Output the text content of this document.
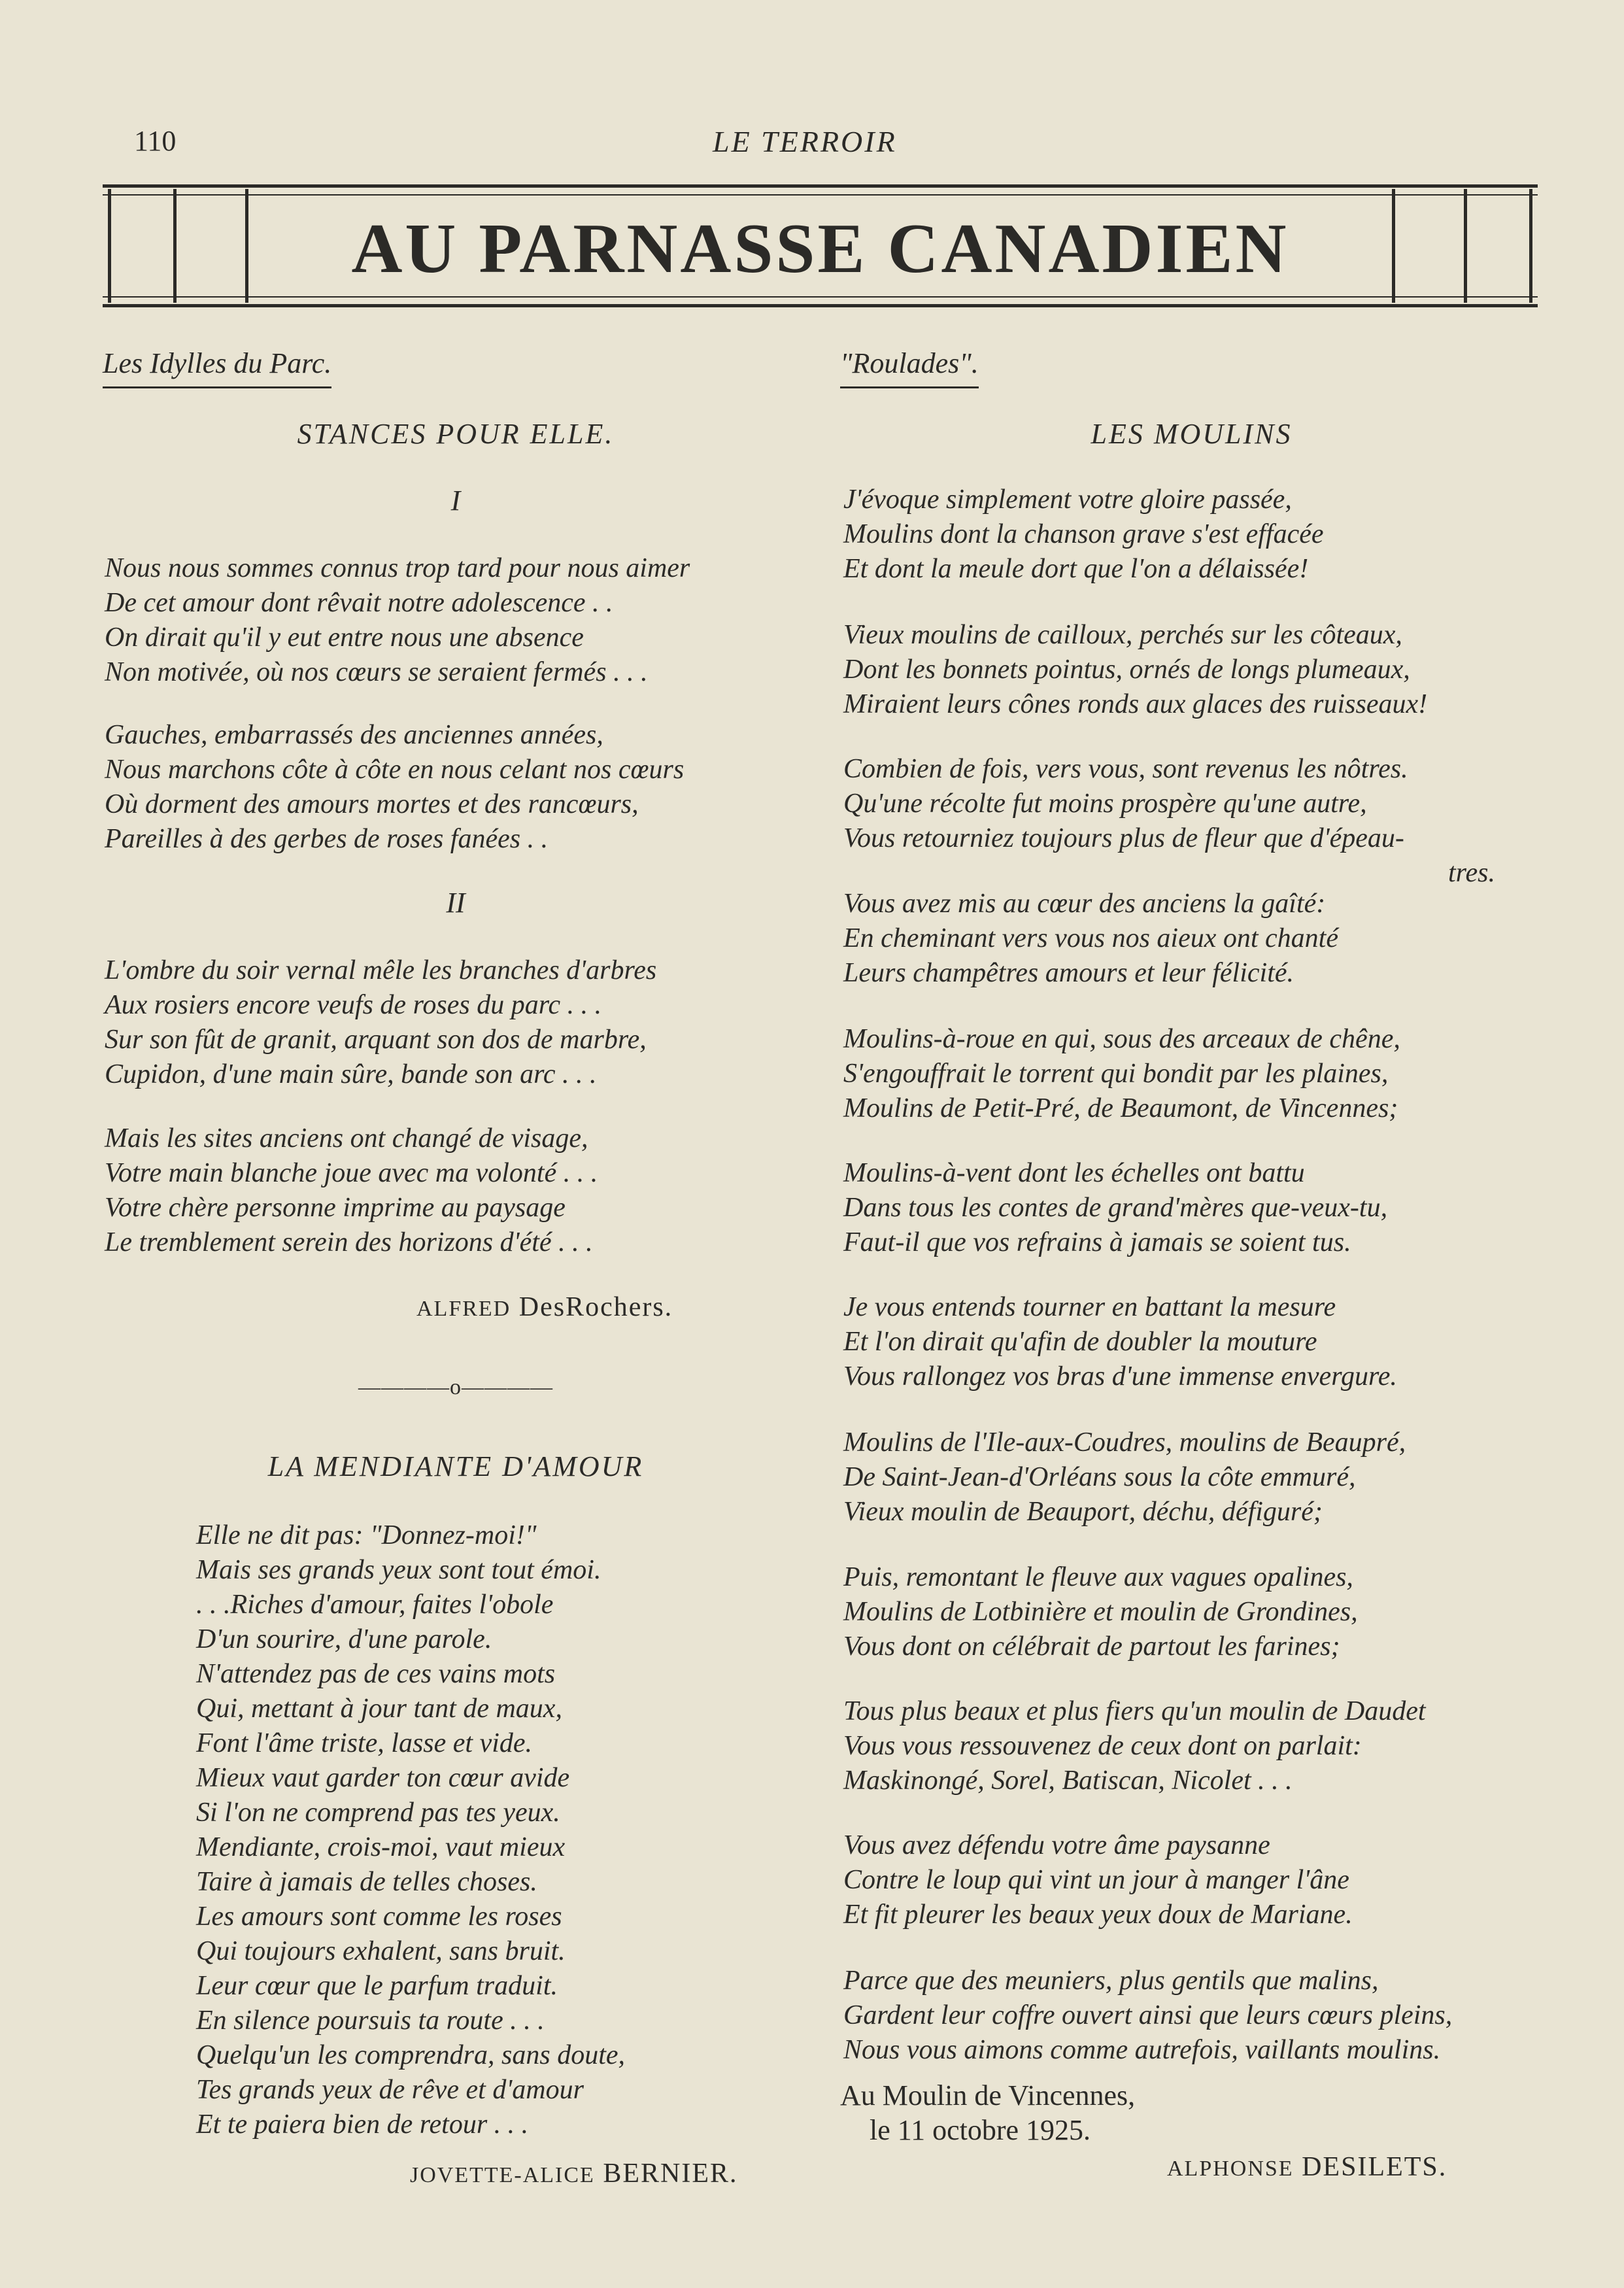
110	LE TERROIR
AU PARNASSE CANADIEN
Les Idylles du Parc.
STANCES POUR ELLE.
I
Nous nous sommes connus trop tard pour nous aimer
De cet amour dont rêvait notre adolescence . .
On dirait qu'il y eut entre nous une absence
Non motivée, où nos cœurs se seraient fermés . . .
Gauches, embarrassés des anciennes années,
Nous marchons côte à côte en nous celant nos cœurs
Où dorment des amours mortes et des rancœurs,
Pareilles à des gerbes de roses fanées . .
II
L'ombre du soir vernal mêle les branches d'arbres
Aux rosiers encore veufs de roses du parc . . .
Sur son fût de granit, arquant son dos de marbre,
Cupidon, d'une main sûre, bande son arc . . .
Mais les sites anciens ont changé de visage,
Votre main blanche joue avec ma volonté . . .
Votre chère personne imprime au paysage
Le tremblement serein des horizons d'été . . .
ALFRED DesRochers.
————o————
LA MENDIANTE D'AMOUR
Elle ne dit pas: "Donnez-moi!"
Mais ses grands yeux sont tout émoi.
. . .Riches d'amour, faites l'obole
D'un sourire, d'une parole.
N'attendez pas de ces vains mots
Qui, mettant à jour tant de maux,
Font l'âme triste, lasse et vide.
Mieux vaut garder ton cœur avide
Si l'on ne comprend pas tes yeux.
Mendiante, crois-moi, vaut mieux
Taire à jamais de telles choses.
Les amours sont comme les roses
Qui toujours exhalent, sans bruit.
Leur cœur que le parfum traduit.
En silence poursuis ta route . . .
Quelqu'un les comprendra, sans doute,
Tes grands yeux de rêve et d'amour
Et te paiera bien de retour . . .
JOVETTE-ALICE BERNIER.
"Roulades".
LES MOULINS
J'évoque simplement votre gloire passée,
Moulins dont la chanson grave s'est effacée
Et dont la meule dort que l'on a délaissée!
Vieux moulins de cailloux, perchés sur les côteaux,
Dont les bonnets pointus, ornés de longs plumeaux,
Miraient leurs cônes ronds aux glaces des ruisseaux!
Combien de fois, vers vous, sont revenus les nôtres.
Qu'une récolte fut moins prospère qu'une autre,
Vous retourniez toujours plus de fleur que d'épeau-
tres.
Vous avez mis au cœur des anciens la gaîté:
En cheminant vers vous nos aieux ont chanté
Leurs champêtres amours et leur félicité.
Moulins-à-roue en qui, sous des arceaux de chêne,
S'engouffrait le torrent qui bondit par les plaines,
Moulins de Petit-Pré, de Beaumont, de Vincennes;
Moulins-à-vent dont les échelles ont battu
Dans tous les contes de grand'mères que-veux-tu,
Faut-il que vos refrains à jamais se soient tus.
Je vous entends tourner en battant la mesure
Et l'on dirait qu'afin de doubler la mouture
Vous rallongez vos bras d'une immense envergure.
Moulins de l'Ile-aux-Coudres, moulins de Beaupré,
De Saint-Jean-d'Orléans sous la côte emmuré,
Vieux moulin de Beauport, déchu, défiguré;
Puis, remontant le fleuve aux vagues opalines,
Moulins de Lotbinière et moulin de Grondines,
Vous dont on célébrait de partout les farines;
Tous plus beaux et plus fiers qu'un moulin de Daudet
Vous vous ressouvenez de ceux dont on parlait:
Maskinongé, Sorel, Batiscan, Nicolet . . .
Vous avez défendu votre âme paysanne
Contre le loup qui vint un jour à manger l'âne
Et fit pleurer les beaux yeux doux de Mariane.
Parce que des meuniers, plus gentils que malins,
Gardent leur coffre ouvert ainsi que leurs cœurs pleins,
Nous vous aimons comme autrefois, vaillants moulins.
Au Moulin de Vincennes,
le 11 octobre 1925.
ALPHONSE DESILETS.
